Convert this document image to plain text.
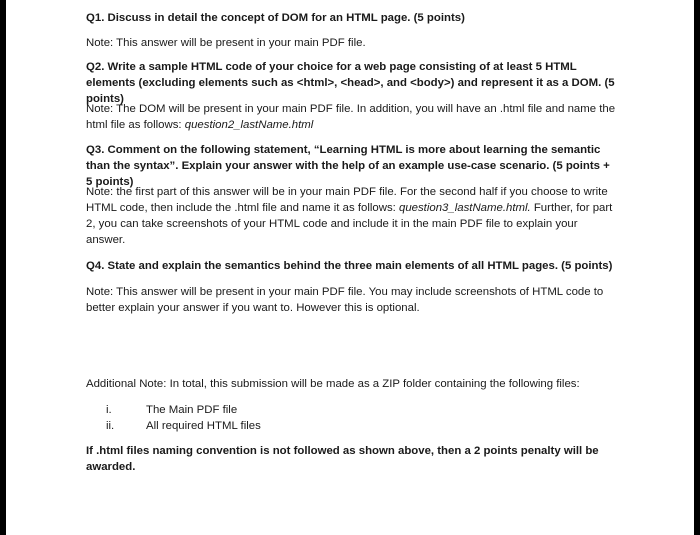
Q1. Discuss in detail the concept of DOM for an HTML page. (5 points)

Note: This answer will be present in your main PDF file.

Q2. Write a sample HTML code of your choice for a web page consisting of at least 5 HTML elements (excluding elements such as <html>, <head>, and <body>) and represent it as a DOM. (5 points)

Note: The DOM will be present in your main PDF file. In addition, you will have an .html file and name the html file as follows: question2_lastName.html

Q3. Comment on the following statement, “Learning HTML is more about learning the semantic than the syntax”. Explain your answer with the help of an example use-case scenario. (5 points + 5 points)

Note: the first part of this answer will be in your main PDF file. For the second half if you choose to write HTML code, then include the .html file and name it as follows: question3_lastName.html. Further, for part 2, you can take screenshots of your HTML code and include it in the main PDF file to explain your answer.

Q4. State and explain the semantics behind the three main elements of all HTML pages. (5 points)

Note: This answer will be present in your main PDF file. You may include screenshots of HTML code to better explain your answer if you want to. However this is optional.

Additional Note: In total, this submission will be made as a ZIP folder containing the following files:

i.	The Main PDF file
ii.	All required HTML files

If .html files naming convention is not followed as shown above, then a 2 points penalty will be awarded.
